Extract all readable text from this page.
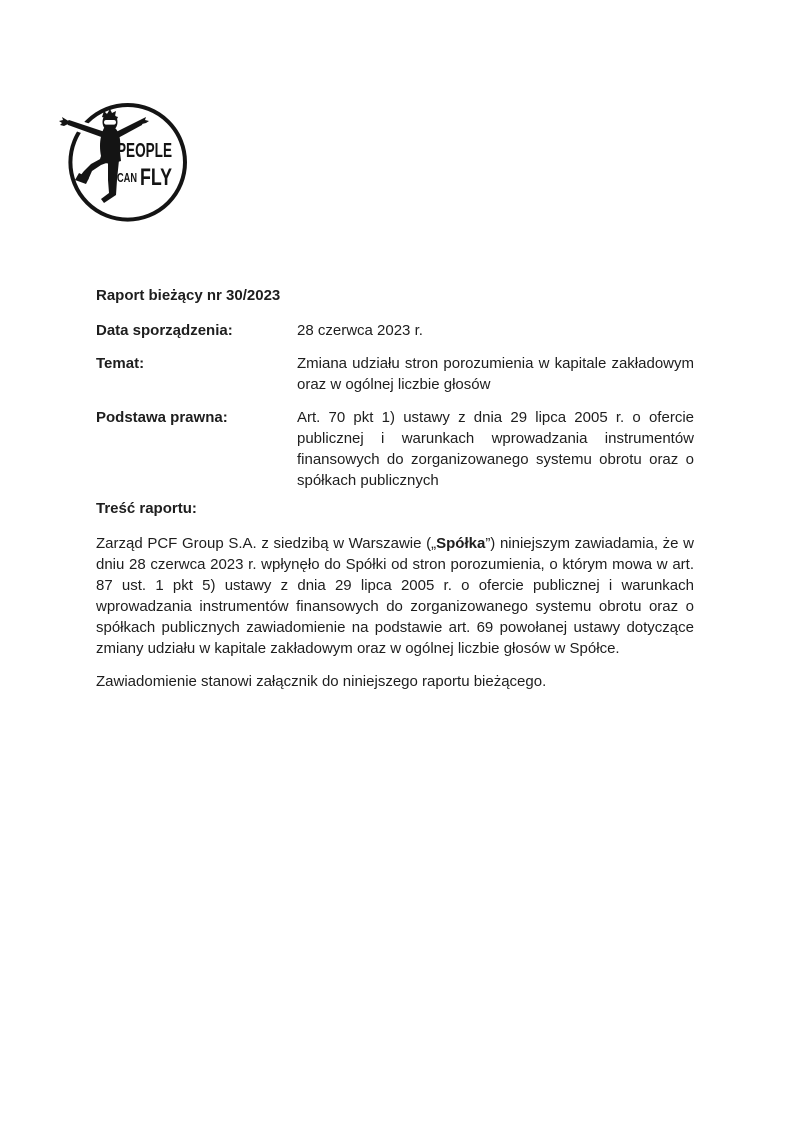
PEOPLE
CAN FLY
Raport bieżący nr 30/2023
Data sporządzenia:	28 czerwca 2023 r.
Temat:	Zmiana udziału stron porozumienia w kapitale zakładowym oraz w ogólnej liczbie głosów
Podstawa prawna:	Art. 70 pkt 1) ustawy z dnia 29 lipca 2005 r. o ofercie publicznej i warunkach wprowadzania instrumentów finansowych do zorganizowanego systemu obrotu oraz o spółkach publicznych
Treść raportu:

Zarząd PCF Group S.A. z siedzibą w Warszawie („Spółka”) niniejszym zawiadamia, że w dniu 28 czerwca 2023 r. wpłynęło do Spółki od stron porozumienia, o którym mowa w art. 87 ust. 1 pkt 5) ustawy z dnia 29 lipca 2005 r. o ofercie publicznej i warunkach wprowadzania instrumentów finansowych do zorganizowanego systemu obrotu oraz o spółkach publicznych zawiadomienie na podstawie art. 69 powołanej ustawy dotyczące zmiany udziału w kapitale zakładowym oraz w ogólnej liczbie głosów w Spółce.

Zawiadomienie stanowi załącznik do niniejszego raportu bieżącego.
